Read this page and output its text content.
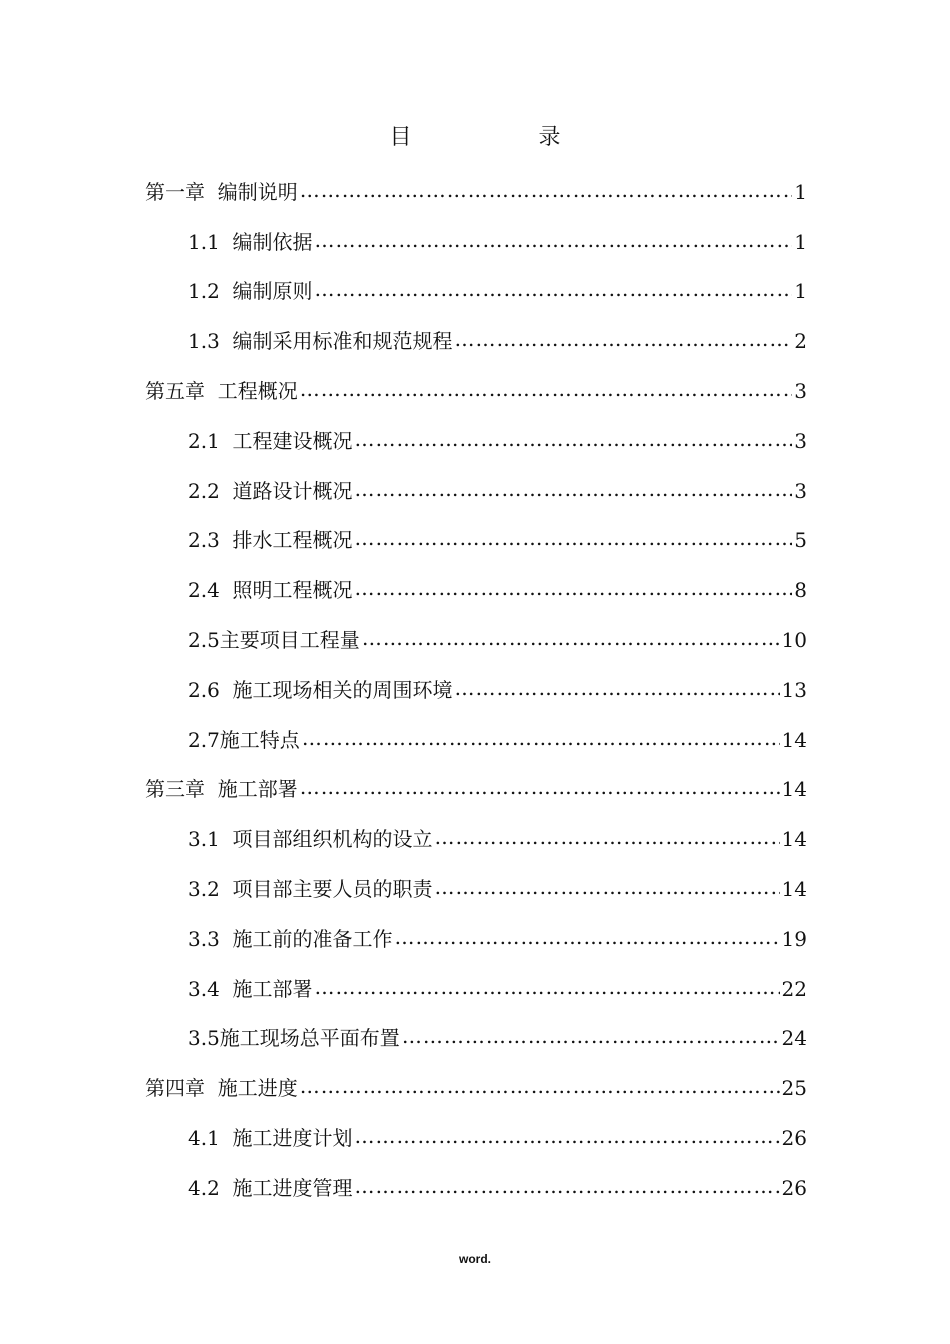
目 录
第一章  编制说明 ………………………………………………………………………………………………………………………………………………………………………………………………………………………………………………	1
1.1  编制依据 ………………………………………………………………………………………………………………………………………………………………………………………………………………………………………………	1
1.2  编制原则 ………………………………………………………………………………………………………………………………………………………………………………………………………………………………………………	1
1.3  编制采用标准和规范规程 ………………………………………………………………………………………………………………………………………………………………………………………………………………………………………………	2
第五章  工程概况 ………………………………………………………………………………………………………………………………………………………………………………………………………………………………………………	3
2.1  工程建设概况 ………………………………………………………………………………………………………………………………………………………………………………………………………………………………………………	3
2.2  道路设计概况 ………………………………………………………………………………………………………………………………………………………………………………………………………………………………………………	3
2.3  排水工程概况 ………………………………………………………………………………………………………………………………………………………………………………………………………………………………………………	5
2.4  照明工程概况 ………………………………………………………………………………………………………………………………………………………………………………………………………………………………………………	8
2.5主要项目工程量 ………………………………………………………………………………………………………………………………………………………………………………………………………………………………………………	10
2.6  施工现场相关的周围环境 ………………………………………………………………………………………………………………………………………………………………………………………………………………………………………………	13
2.7施工特点 ………………………………………………………………………………………………………………………………………………………………………………………………………………………………………………	14
第三章  施工部署 ………………………………………………………………………………………………………………………………………………………………………………………………………………………………………………	14
3.1  项目部组织机构的设立 ………………………………………………………………………………………………………………………………………………………………………………………………………………………………………………	14
3.2  项目部主要人员的职责 ………………………………………………………………………………………………………………………………………………………………………………………………………………………………………………	14
3.3  施工前的准备工作 ………………………………………………………………………………………………………………………………………………………………………………………………………………………………………………	19
3.4  施工部署 ………………………………………………………………………………………………………………………………………………………………………………………………………………………………………………	22
3.5施工现场总平面布置 ………………………………………………………………………………………………………………………………………………………………………………………………………………………………………………	24
第四章  施工进度 ………………………………………………………………………………………………………………………………………………………………………………………………………………………………………………	25
4.1  施工进度计划 ………………………………………………………………………………………………………………………………………………………………………………………………………………………………………………	26
4.2  施工进度管理 ………………………………………………………………………………………………………………………………………………………………………………………………………………………………………………	26
word.
